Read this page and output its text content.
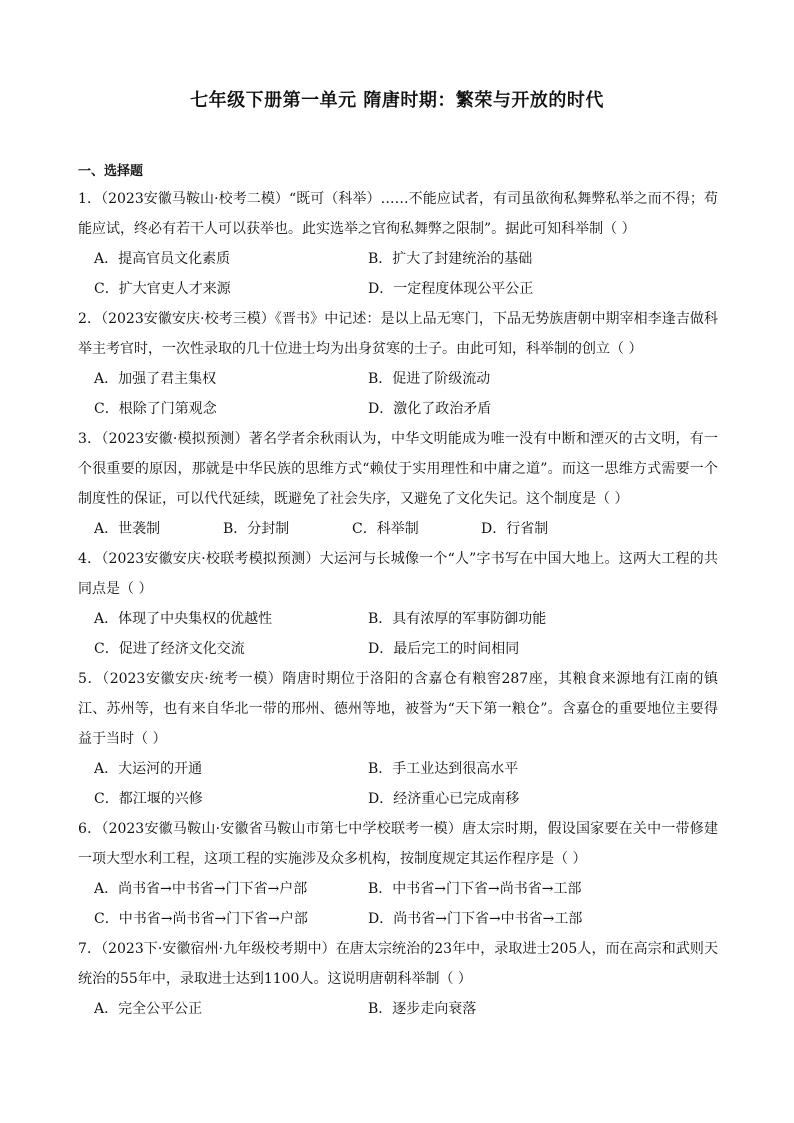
七年级下册第一单元 隋唐时期：繁荣与开放的时代
一、选择题

1．（2023安徽马鞍山·校考二模）“既可（科举）……不能应试者，有司虽欲徇私舞弊私举之而不得；苟能应试，终必有若干人可以获举也。此实选举之官徇私舞弊之限制”。据此可知科举制（ ）

A．提高官员文化素质	B．扩大了封建统治的基础
C．扩大官吏人才来源	D．一定程度体现公平公正

2．（2023安徽安庆·校考三模）《晋书》中记述：是以上品无寒门，下品无势族唐朝中期宰相李逢吉做科举主考官时，一次性录取的几十位进士均为出身贫寒的士子。由此可知，科举制的创立（ ）

A．加强了君主集权	B．促进了阶级流动
C．根除了门第观念	D．激化了政治矛盾

3．（2023安徽·模拟预测）著名学者余秋雨认为，中华文明能成为唯一没有中断和湮灭的古文明，有一个很重要的原因，那就是中华民族的思维方式“赖仗于实用理性和中庸之道”。而这一思维方式需要一个制度性的保证，可以代代延续，既避免了社会失序，又避免了文化失记。这个制度是（ ）

A．世袭制	B．分封制	C．科举制	D．行省制

4．（2023安徽安庆·校联考模拟预测）大运河与长城像一个“人”字书写在中国大地上。这两大工程的共同点是（ ）

A．体现了中央集权的优越性	B．具有浓厚的军事防御功能
C．促进了经济文化交流	D．最后完工的时间相同

5．（2023安徽安庆·统考一模）隋唐时期位于洛阳的含嘉仓有粮窖287座，其粮食来源地有江南的镇江、苏州等，也有来自华北一带的邢州、德州等地，被誉为“天下第一粮仓”。含嘉仓的重要地位主要得益于当时（ ）

A．大运河的开通	B．手工业达到很高水平
C．都江堰的兴修	D．经济重心已完成南移

6．（2023安徽马鞍山·安徽省马鞍山市第七中学校联考一模）唐太宗时期，假设国家要在关中一带修建一项大型水利工程，这项工程的实施涉及众多机构，按制度规定其运作程序是（ ）

A．尚书省→中书省→门下省→户部	B．中书省→门下省→尚书省→工部
C．中书省→尚书省→门下省→户部	D．尚书省→门下省→中书省→工部

7．（2023下·安徽宿州·九年级校考期中）在唐太宗统治的23年中，录取进士205人，而在高宗和武则天统治的55年中，录取进士达到1100人。这说明唐朝科举制（ ）

A．完全公平公正	B．逐步走向衰落
